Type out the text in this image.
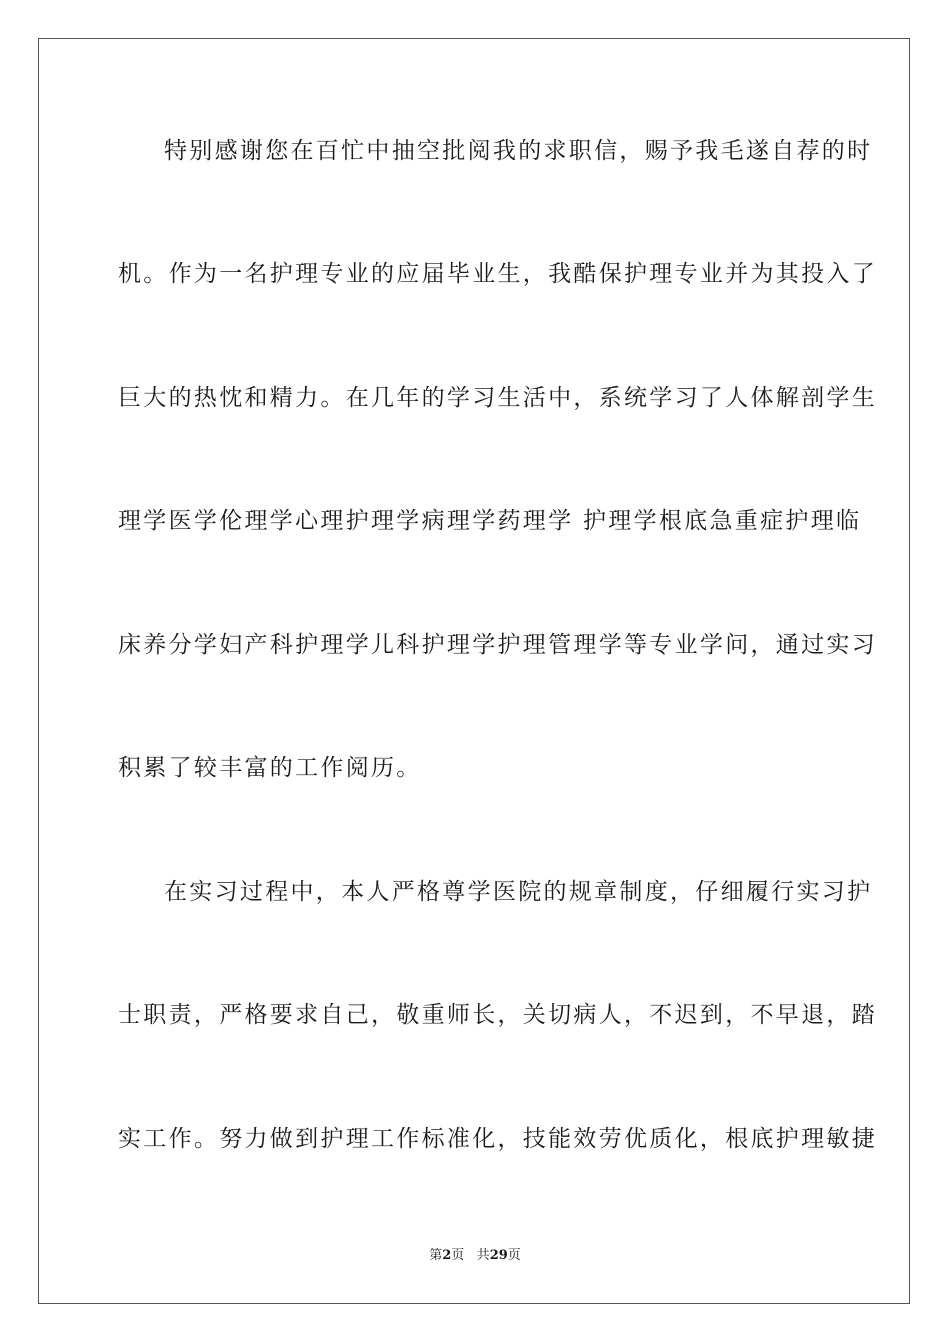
特别感谢您在百忙中抽空批阅我的求职信，赐予我毛遂自荐的时
机。作为一名护理专业的应届毕业生，我酷保护理专业并为其投入了
巨大的热忱和精力。在几年的学习生活中，系统学习了人体解剖学生
理学医学伦理学心理护理学病理学药理学 护理学根底急重症护理临
床养分学妇产科护理学儿科护理学护理管理学等专业学问，通过实习
积累了较丰富的工作阅历。
在实习过程中，本人严格尊学医院的规章制度，仔细履行实习护
士职责，严格要求自己，敬重师长，关切病人，不迟到，不早退，踏
实工作。努力做到护理工作标准化，技能效劳优质化，根底护理敏捷
第2页 共29页
